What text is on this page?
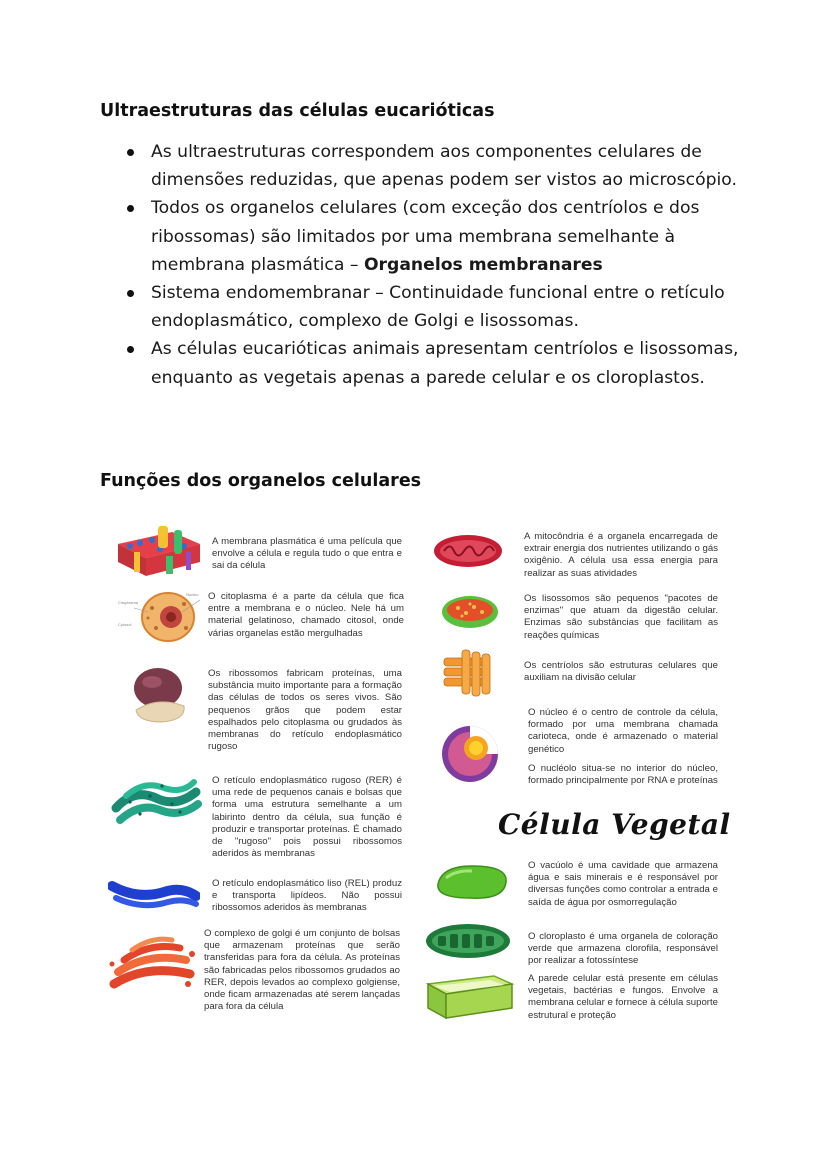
Ultraestruturas das células eucarióticas
As ultraestruturas correspondem aos componentes celulares de dimensões reduzidas, que apenas podem ser vistos ao microscópio.
Todos os organelos celulares (com exceção dos centríolos e dos ribossomas) são limitados por uma membrana semelhante à membrana plasmática – Organelos membranares
Sistema endomembranar – Continuidade funcional entre o retículo endoplasmático, complexo de Golgi e lisossomas.
As células eucarióticas animais apresentam centríolos e lisossomas, enquanto as vegetais apenas a parede celular e os cloroplastos.
Funções dos organelos celulares
Citoplasma
Núcleo
Cytosol

A membrana plasmática é uma película que envolve a célula e regula tudo o que entra e sai da célula

O citoplasma é a parte da célula que fica entre a membrana e o núcleo. Nele há um material gelatinoso, chamado citosol, onde várias organelas estão mergulhadas

Os ribossomos fabricam proteínas, uma substância muito importante para a formação das células de todos os seres vivos. São pequenos grãos que podem estar espalhados pelo citoplasma ou grudados às membranas do retículo endoplasmático rugoso

O retículo endoplasmático rugoso (RER) é uma rede de pequenos canais e bolsas que forma uma estrutura semelhante a um labirinto dentro da célula, sua função é produzir e transportar proteínas. É chamado de "rugoso" pois possui ribossomos aderidos às membranas

O retículo endoplasmático liso (REL) produz e transporta lipídeos. Não possui ribossomos aderidos às membranas

O complexo de golgi é um conjunto de bolsas que armazenam proteínas que serão transferidas para fora da célula. As proteínas são fabricadas pelos ribossomos grudados ao RER, depois levados ao complexo golgiense, onde ficam armazenadas até serem lançadas para fora da célula

Célula Vegetal

A mitocôndria é a organela encarregada de extrair energia dos nutrientes utilizando o gás oxigênio. A célula usa essa energia para realizar as suas atividades

Os lisossomos são pequenos "pacotes de enzimas" que atuam da digestão celular. Enzimas são substâncias que facilitam as reações químicas

Os centríolos são estruturas celulares que auxiliam na divisão celular

O núcleo é o centro de controle da célula, formado por uma membrana chamada carioteca, onde é armazenado o material genético

O nucléolo situa-se no interior do núcleo, formado principalmente por RNA e proteínas

O vacúolo é uma cavidade que armazena água e sais minerais e é responsável por diversas funções como controlar a entrada e saída de água por osmorregulação

O cloroplasto é uma organela de coloração verde que armazena clorofila, responsável por realizar a fotossíntese

A parede celular está presente em células vegetais, bactérias e fungos. Envolve a membrana celular e fornece à célula suporte estrutural e proteção
